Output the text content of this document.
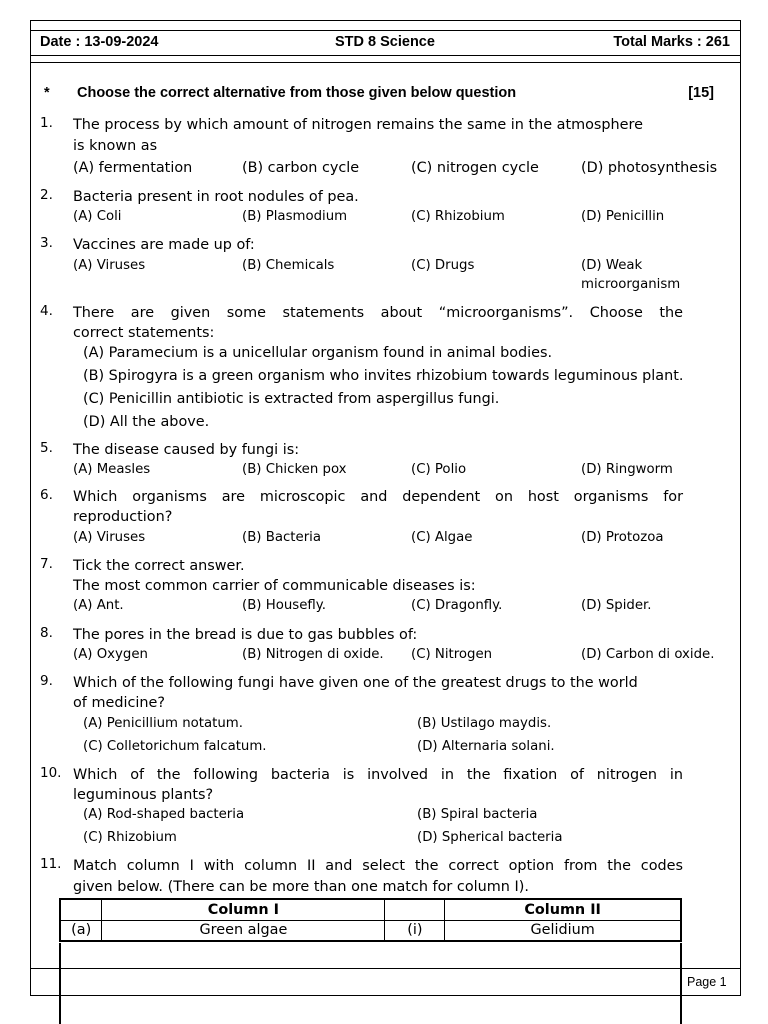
Date : 13-09-2024	STD 8 Science	Total Marks : 261
* Choose the correct alternative from those given below question	[15]
1. The process by which amount of nitrogen remains the same in the atmosphere
is known as
(A) fermentation	(B) carbon cycle	(C) nitrogen cycle	(D) photosynthesis
2. Bacteria present in root nodules of pea.
(A) Coli	(B) Plasmodium	(C) Rhizobium	(D) Penicillin
3. Vaccines are made up of:
(A) Viruses	(B) Chemicals	(C) Drugs	(D) Weak
microorganism
4. There are given some statements about “microorganisms”. Choose the
correct statements:
(A) Paramecium is a unicellular organism found in animal bodies.
(B) Spirogyra is a green organism who invites rhizobium towards leguminous plant.
(C) Penicillin antibiotic is extracted from aspergillus fungi.
(D) All the above.
5. The disease caused by fungi is:
(A) Measles	(B) Chicken pox	(C) Polio	(D) Ringworm
6. Which organisms are microscopic and dependent on host organisms for
reproduction?
(A) Viruses	(B) Bacteria	(C) Algae	(D) Protozoa
7. Tick the correct answer.
The most common carrier of communicable diseases is:
(A) Ant.	(B) Housefly.	(C) Dragonfly.	(D) Spider.
8. The pores in the bread is due to gas bubbles of:
(A) Oxygen	(B) Nitrogen di oxide. (C) Nitrogen	(D) Carbon di oxide.
9. Which of the following fungi have given one of the greatest drugs to the world
of medicine?
(A) Penicillium notatum.	(B) Ustilago maydis.
(C) Colletorichum falcatum.	(D) Alternaria solani.
10. Which of the following bacteria is involved in the fixation of nitrogen in
leguminous plants?
(A) Rod-shaped bacteria	(B) Spiral bacteria
(C) Rhizobium	(D) Spherical bacteria
11. Match column I with column II and select the correct option from the codes
given below. (There can be more than one match for column I).
	Column I		Column II
(a)	Green algae	(i)	Gelidium
Page 1
